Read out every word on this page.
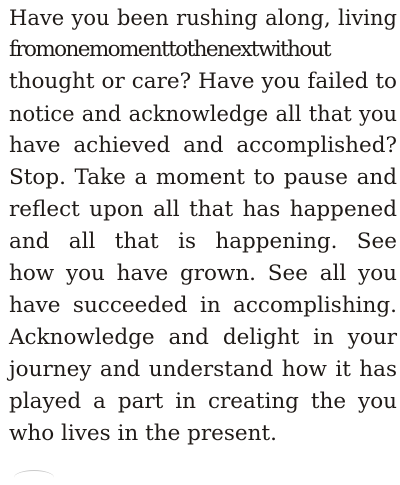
Have you been rushing along, living
fromonemomenttothenextwithout
thought or care? Have you failed to
notice and acknowledge all that you
have achieved and accomplished?
Stop. Take a moment to pause and
reflect upon all that has happened
and all that is happening. See
how you have grown. See all you
have succeeded in accomplishing.
Acknowledge and delight in your
journey and understand how it has
played a part in creating the you
who lives in the present.
